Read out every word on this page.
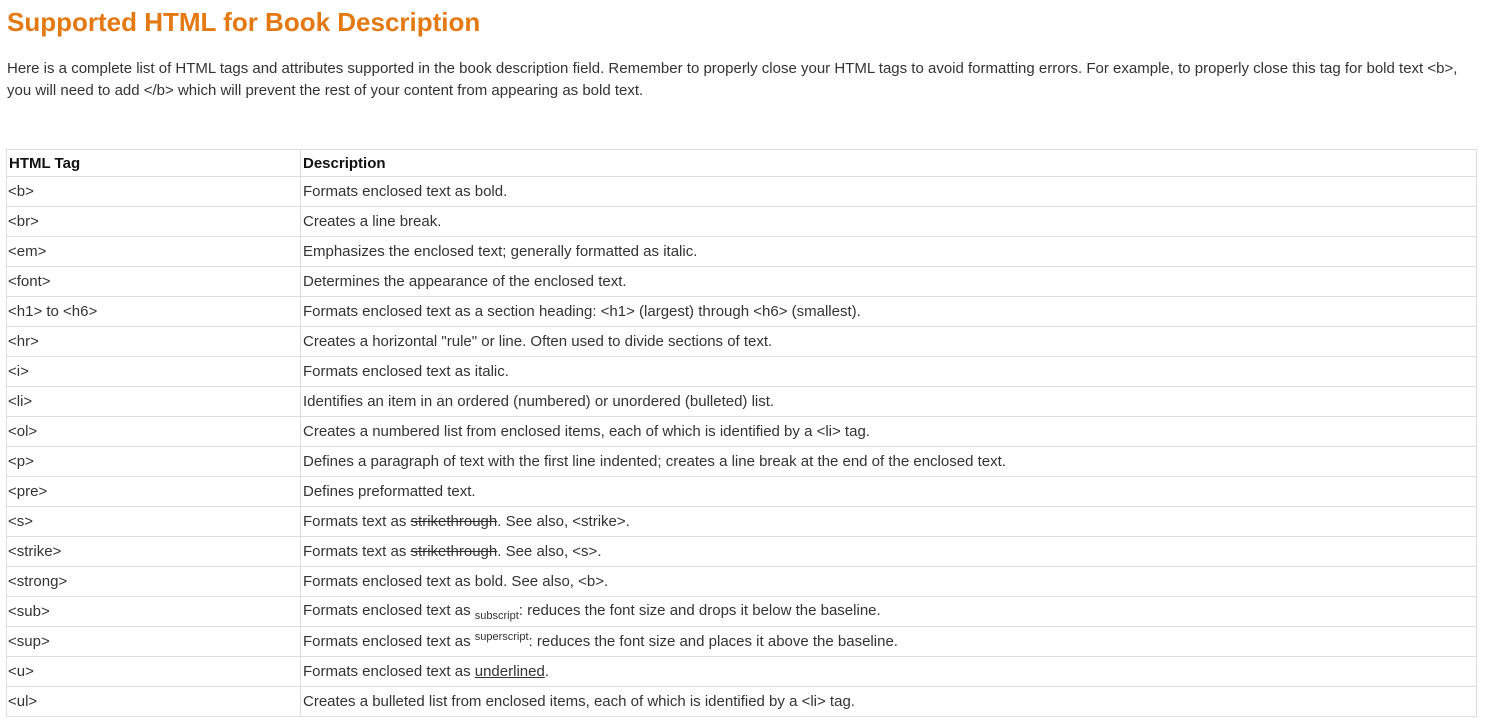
Supported HTML for Book Description

Here is a complete list of HTML tags and attributes supported in the book description field. Remember to properly close your HTML tags to avoid formatting errors. For example, to properly close this tag for bold text <b>, you will need to add </b> which will prevent the rest of your content from appearing as bold text.

HTML Tag	Description
<b>	Formats enclosed text as bold.
<br>	Creates a line break.
<em>	Emphasizes the enclosed text; generally formatted as italic.
<font>	Determines the appearance of the enclosed text.
<h1> to <h6>	Formats enclosed text as a section heading: <h1> (largest) through <h6> (smallest).
<hr>	Creates a horizontal "rule" or line. Often used to divide sections of text.
<i>	Formats enclosed text as italic.
<li>	Identifies an item in an ordered (numbered) or unordered (bulleted) list.
<ol>	Creates a numbered list from enclosed items, each of which is identified by a <li> tag.
<p>	Defines a paragraph of text with the first line indented; creates a line break at the end of the enclosed text.
<pre>	Defines preformatted text.
<s>	Formats text as strikethrough. See also, <strike>.
<strike>	Formats text as strikethrough. See also, <s>.
<strong>	Formats enclosed text as bold. See also, <b>.
<sub>	Formats enclosed text as $_{subscript}$: reduces the font size and drops it below the baseline.
<sup>	Formats enclosed text as $^{superscript}$: reduces the font size and places it above the baseline.
<u>	Formats enclosed text as underlined.
<ul>	Creates a bulleted list from enclosed items, each of which is identified by a <li> tag.
